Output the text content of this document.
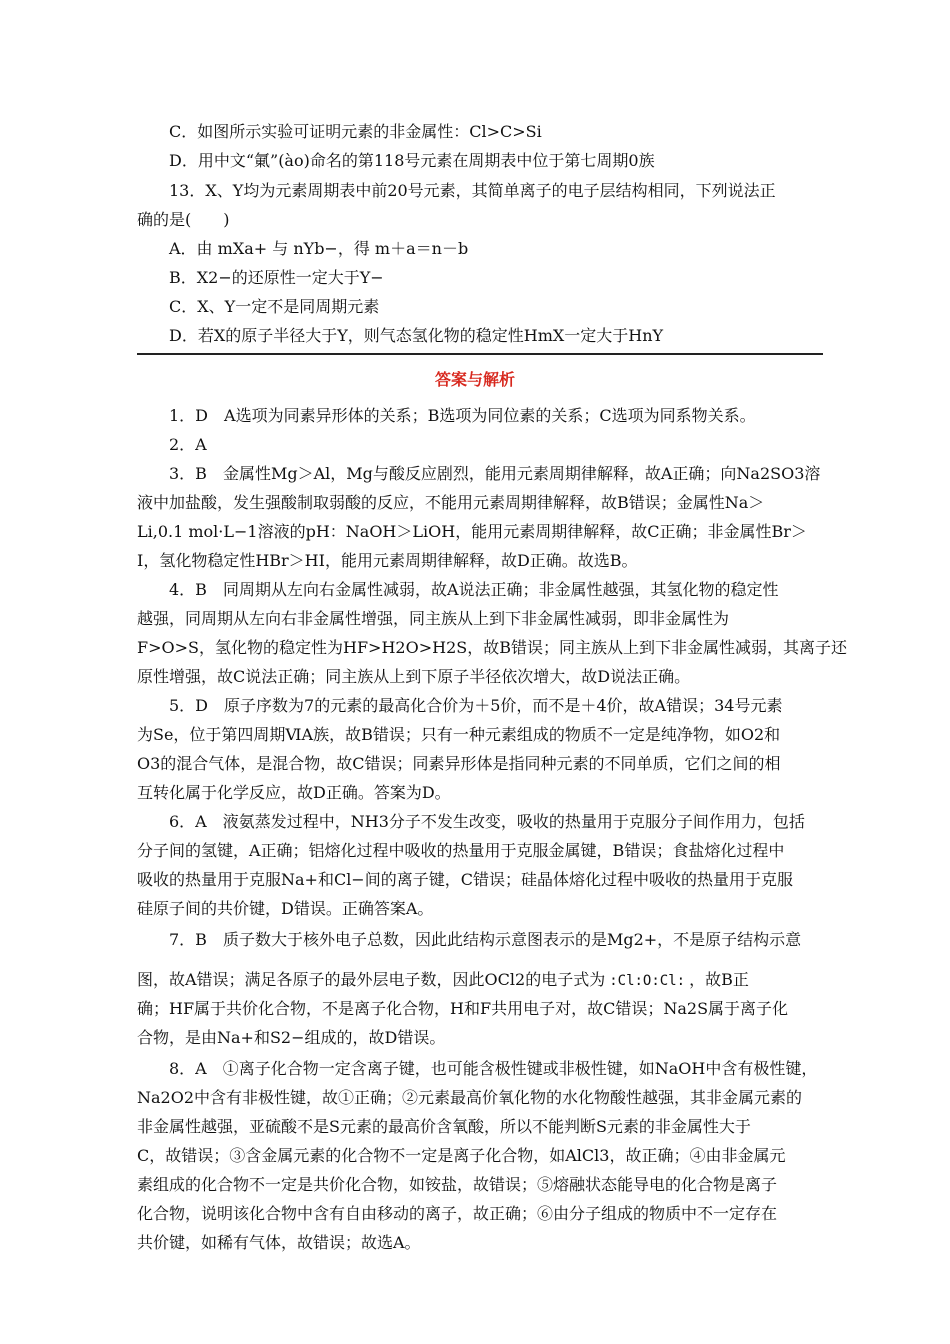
C．如图所示实验可证明元素的非金属性：Cl>C>Si
D．用中文“氭”(ào)命名的第118号元素在周期表中位于第七周期0族
13．X、Y均为元素周期表中前20号元素，其简单离子的电子层结构相同，下列说法正
确的是(　　)
A．由 mXa+ 与 nYb−，得 m＋a＝n－b
B．X2−的还原性一定大于Y−
C．X、Y一定不是同周期元素
D．若X的原子半径大于Y，则气态氢化物的稳定性HmX一定大于HnY
答案与解析
1．D　A选项为同素异形体的关系；B选项为同位素的关系；C选项为同系物关系。
2．A
3．B　金属性Mg＞Al，Mg与酸反应剧烈，能用元素周期律解释，故A正确；向Na2SO3溶
液中加盐酸，发生强酸制取弱酸的反应，不能用元素周期律解释，故B错误；金属性Na＞
Li,0.1 mol·L−1溶液的pH：NaOH＞LiOH，能用元素周期律解释，故C正确；非金属性Br＞
I，氢化物稳定性HBr＞HI，能用元素周期律解释，故D正确。故选B。
4．B　同周期从左向右金属性减弱，故A说法正确；非金属性越强，其氢化物的稳定性
越强，同周期从左向右非金属性增强，同主族从上到下非金属性减弱，即非金属性为
F>O>S，氢化物的稳定性为HF>H2O>H2S，故B错误；同主族从上到下非金属性减弱，其离子还
原性增强，故C说法正确；同主族从上到下原子半径依次增大，故D说法正确。
5．D　原子序数为7的元素的最高化合价为＋5价，而不是＋4价，故A错误；34号元素
为Se，位于第四周期ⅥA族，故B错误；只有一种元素组成的物质不一定是纯净物，如O2和
O3的混合气体，是混合物，故C错误；同素异形体是指同种元素的不同单质，它们之间的相
互转化属于化学反应，故D正确。答案为D。
6．A　液氨蒸发过程中，NH3分子不发生改变，吸收的热量用于克服分子间作用力，包括
分子间的氢键，A正确；铝熔化过程中吸收的热量用于克服金属键，B错误；食盐熔化过程中
吸收的热量用于克服Na+和Cl−间的离子键，C错误；硅晶体熔化过程中吸收的热量用于克服
硅原子间的共价键，D错误。正确答案A。
7．B　质子数大于核外电子总数，因此此结构示意图表示的是Mg2+，不是原子结构示意
图，故A错误；满足各原子的最外层电子数，因此OCl2的电子式为 :Cl:O:Cl: ，故B正
确；HF属于共价化合物，不是离子化合物，H和F共用电子对，故C错误；Na2S属于离子化
合物，是由Na+和S2−组成的，故D错误。
8．A　①离子化合物一定含离子键，也可能含极性键或非极性键，如NaOH中含有极性键，
Na2O2中含有非极性键，故①正确；②元素最高价氧化物的水化物酸性越强，其非金属元素的
非金属性越强，亚硫酸不是S元素的最高价含氧酸，所以不能判断S元素的非金属性大于
C，故错误；③含金属元素的化合物不一定是离子化合物，如AlCl3，故正确；④由非金属元
素组成的化合物不一定是共价化合物，如铵盐，故错误；⑤熔融状态能导电的化合物是离子
化合物，说明该化合物中含有自由移动的离子，故正确；⑥由分子组成的物质中不一定存在
共价键，如稀有气体，故错误；故选A。
